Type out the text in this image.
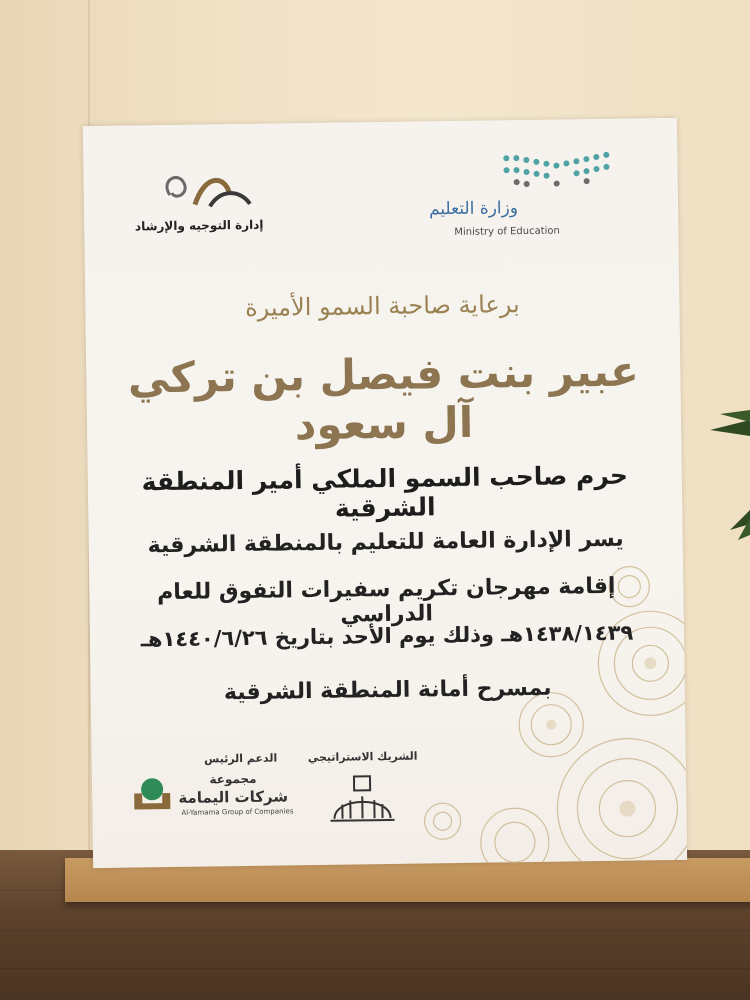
وزارة التعليم
Ministry of Education
إدارة التوجيه والإرشاد
برعاية صاحبة السمو الأميرة
عبير بنت فيصل بن تركي آل سعود
حرم صاحب السمو الملكي أمير المنطقة الشرقية
يسر الإدارة العامة للتعليم بالمنطقة الشرقية
إقامة مهرجان تكريم سفيرات التفوق للعام الدراسي
١٤٣٨/١٤٣٩هـ وذلك يوم الأحد بتاريخ ١٤٤٠/٦/٢٦هـ
بمسرح أمانة المنطقة الشرقية
الدعم الرئيس	الشريك الاستراتيجي
مجموعة
شركات اليمامة
Al-Yamama Group of Companies
